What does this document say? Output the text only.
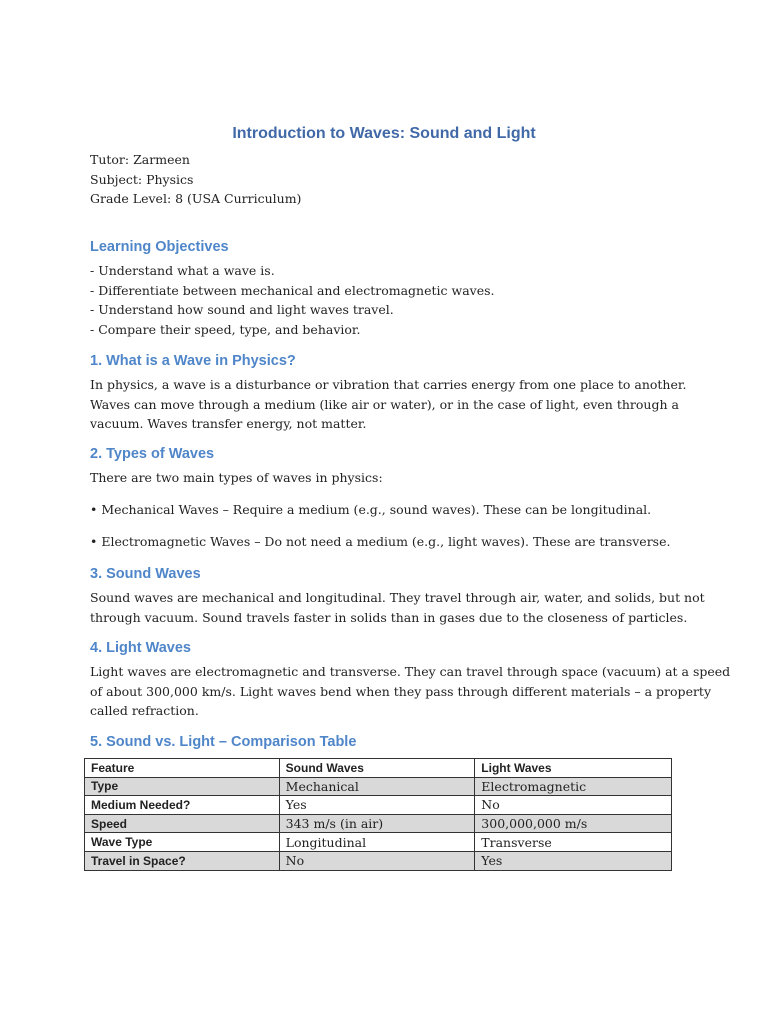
Introduction to Waves: Sound and Light
Tutor: Zarmeen
Subject: Physics
Grade Level: 8 (USA Curriculum)
Learning Objectives
- Understand what a wave is.
- Differentiate between mechanical and electromagnetic waves.
- Understand how sound and light waves travel.
- Compare their speed, type, and behavior.
1. What is a Wave in Physics?
In physics, a wave is a disturbance or vibration that carries energy from one place to another.
Waves can move through a medium (like air or water), or in the case of light, even through a
vacuum. Waves transfer energy, not matter.
2. Types of Waves
There are two main types of waves in physics:
• Mechanical Waves – Require a medium (e.g., sound waves). These can be longitudinal.
• Electromagnetic Waves – Do not need a medium (e.g., light waves). These are transverse.
3. Sound Waves
Sound waves are mechanical and longitudinal. They travel through air, water, and solids, but not
through vacuum. Sound travels faster in solids than in gases due to the closeness of particles.
4. Light Waves
Light waves are electromagnetic and transverse. They can travel through space (vacuum) at a speed
of about 300,000 km/s. Light waves bend when they pass through different materials – a property
called refraction.
5. Sound vs. Light – Comparison Table
Feature	Sound Waves	Light Waves
Type	Mechanical	Electromagnetic
Medium Needed?	Yes	No
Speed	343 m/s (in air)	300,000,000 m/s
Wave Type	Longitudinal	Transverse
Travel in Space?	No	Yes
